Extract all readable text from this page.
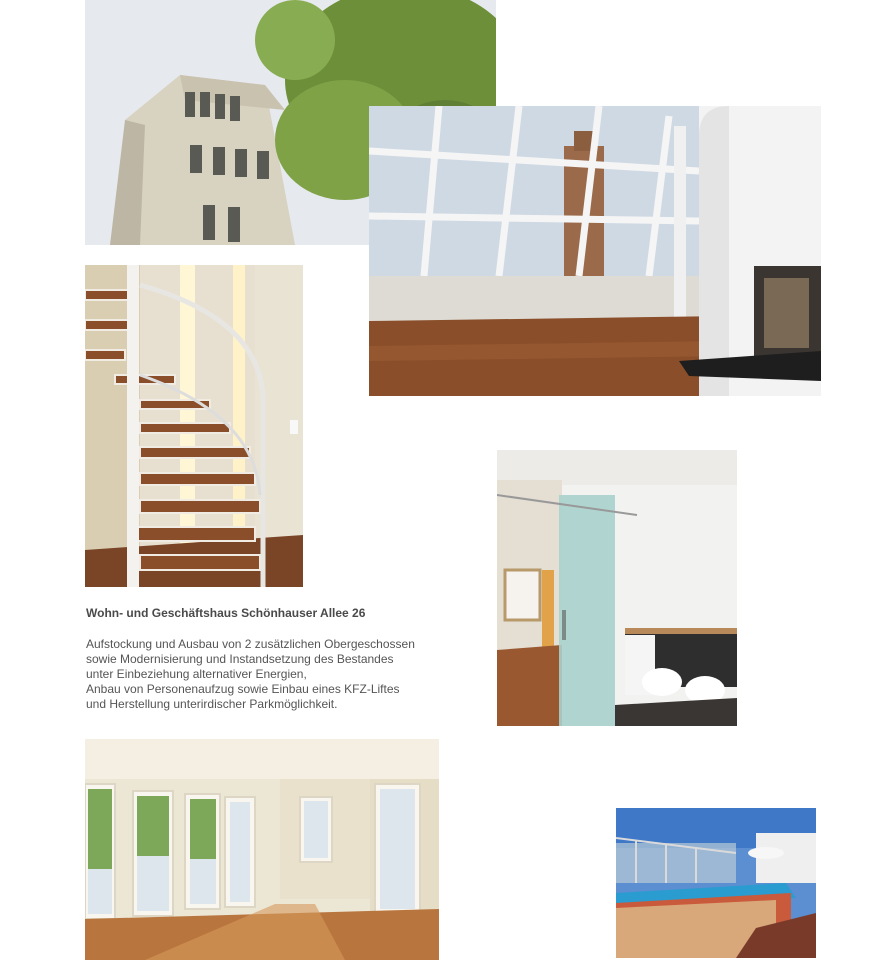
Wohn- und Geschäftshaus Schönhauser Allee 26
Aufstockung und Ausbau von 2 zusätzlichen Obergeschossen
sowie Modernisierung und Instandsetzung des Bestandes
unter Einbeziehung alternativer Energien,
Anbau von Personenaufzug sowie Einbau eines KFZ-Liftes
und Herstellung unterirdischer Parkmöglichkeit.
